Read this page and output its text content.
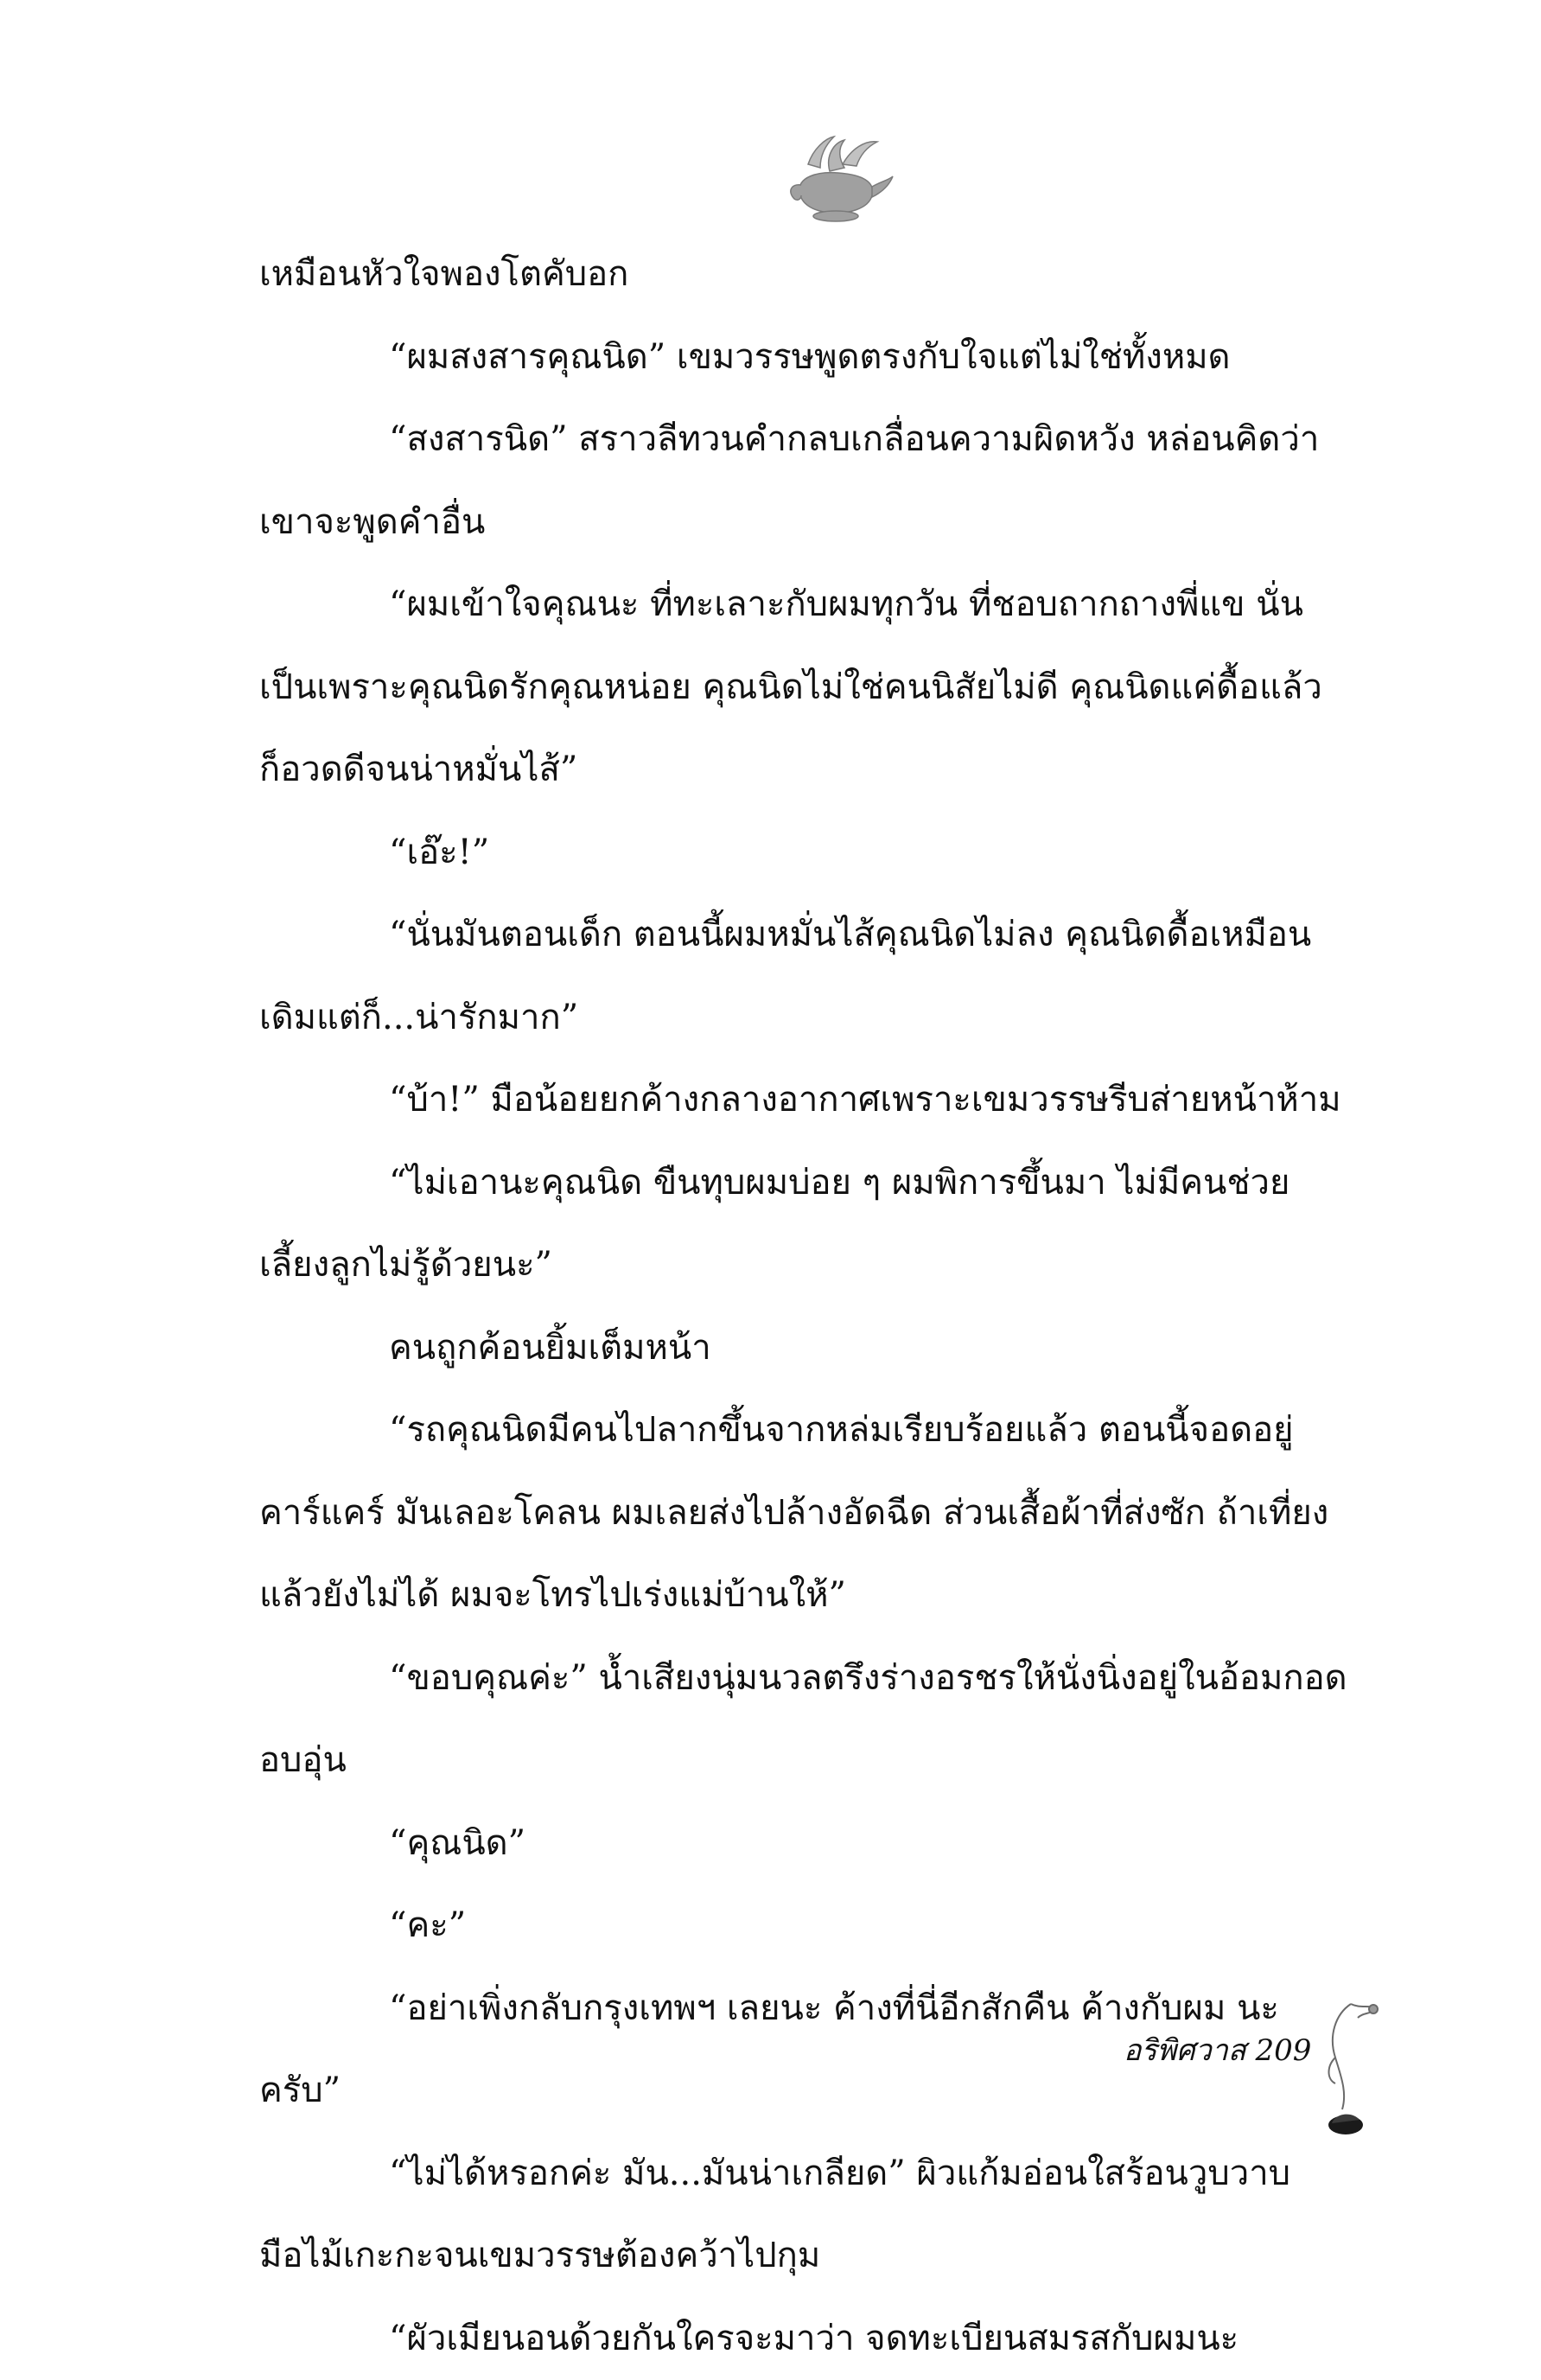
เหมือนหัวใจพองโตคับอก
“ผมสงสารคุณนิด” เขมวรรษพูดตรงกับใจแต่ไม่ใช่ทั้งหมด
“สงสารนิด” สราวลีทวนคำกลบเกลื่อนความผิดหวัง หล่อนคิดว่า
เขาจะพูดคำอื่น
“ผมเข้าใจคุณนะ ที่ทะเลาะกับผมทุกวัน ที่ชอบถากถางพี่แข นั่น
เป็นเพราะคุณนิดรักคุณหน่อย คุณนิดไม่ใช่คนนิสัยไม่ดี คุณนิดแค่ดื้อแล้ว
ก็อวดดีจนน่าหมั่นไส้”
“เอ๊ะ!”
“นั่นมันตอนเด็ก ตอนนี้ผมหมั่นไส้คุณนิดไม่ลง คุณนิดดื้อเหมือน
เดิมแต่ก็...น่ารักมาก”
“บ้า!” มือน้อยยกค้างกลางอากาศเพราะเขมวรรษรีบส่ายหน้าห้าม
“ไม่เอานะคุณนิด ขืนทุบผมบ่อย ๆ ผมพิการขึ้นมา ไม่มีคนช่วย
เลี้ยงลูกไม่รู้ด้วยนะ”
คนถูกค้อนยิ้มเต็มหน้า
“รถคุณนิดมีคนไปลากขึ้นจากหล่มเรียบร้อยแล้ว ตอนนี้จอดอยู่
คาร์แคร์ มันเลอะโคลน ผมเลยส่งไปล้างอัดฉีด ส่วนเสื้อผ้าที่ส่งซัก ถ้าเที่ยง
แล้วยังไม่ได้ ผมจะโทรไปเร่งแม่บ้านให้”
“ขอบคุณค่ะ” น้ำเสียงนุ่มนวลตรึงร่างอรชรให้นั่งนิ่งอยู่ในอ้อมกอด
อบอุ่น
“คุณนิด”
“คะ”
“อย่าเพิ่งกลับกรุงเทพฯ เลยนะ ค้างที่นี่อีกสักคืน ค้างกับผม นะ
ครับ”
“ไม่ได้หรอกค่ะ มัน...มันน่าเกลียด” ผิวแก้มอ่อนใสร้อนวูบวาบ
มือไม้เกะกะจนเขมวรรษต้องคว้าไปกุม
“ผัวเมียนอนด้วยกันใครจะมาว่า จดทะเบียนสมรสกับผมนะ
อริพิศวาส 209
